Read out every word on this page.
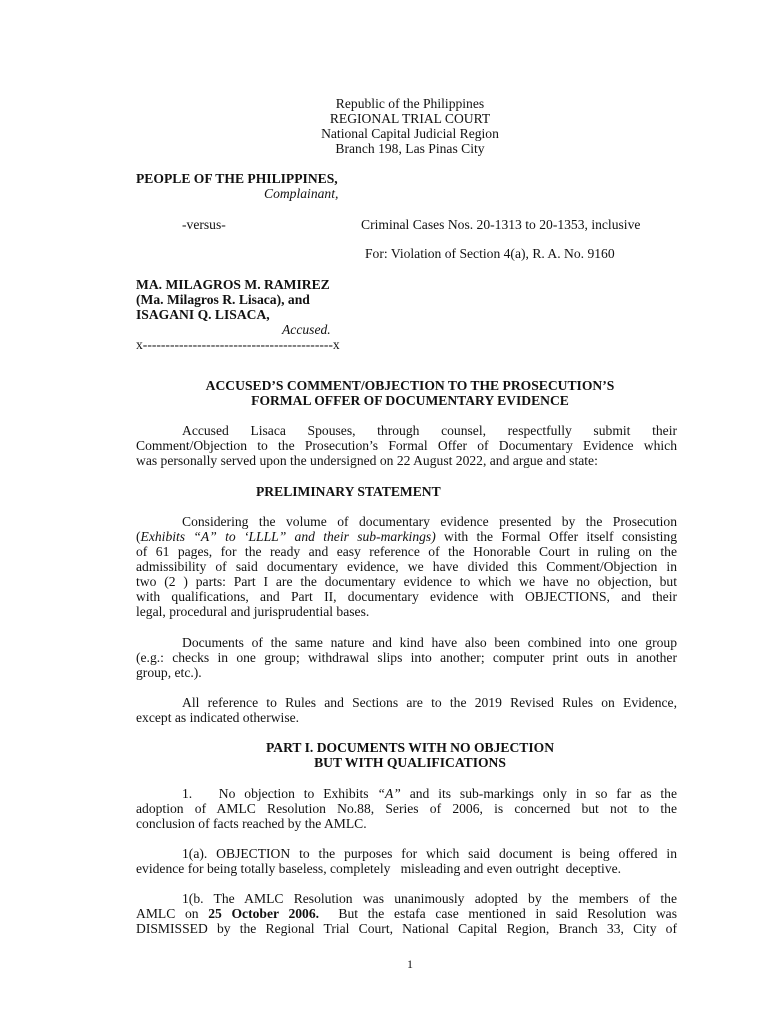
Republic of the Philippines
REGIONAL TRIAL COURT
National Capital Judicial Region
Branch 198, Las Pinas City
PEOPLE OF THE PHILIPPINES,
Complainant,
-versus-	Criminal Cases Nos. 20-1313 to 20-1353, inclusive
For: Violation of Section 4(a), R. A. No. 9160
MA. MILAGROS M. RAMIREZ
(Ma. Milagros R. Lisaca), and
ISAGANI Q. LISACA,
Accused.
x------------------------------------------x
ACCUSED’S COMMENT/OBJECTION TO THE PROSECUTION’S
FORMAL OFFER OF DOCUMENTARY EVIDENCE
Accused Lisaca Spouses, through counsel, respectfully submit their
Comment/Objection to the Prosecution’s Formal Offer of Documentary Evidence which
was personally served upon the undersigned on 22 August 2022, and argue and state:
PRELIMINARY STATEMENT
Considering the volume of documentary evidence presented by the Prosecution
(Exhibits “A” to ‘LLLL” and their sub-markings) with the Formal Offer itself consisting
of 61 pages, for the ready and easy reference of the Honorable Court in ruling on the
admissibility of said documentary evidence, we have divided this Comment/Objection in
two (2 ) parts: Part I are the documentary evidence to which we have no objection, but
with qualifications, and Part II, documentary evidence with OBJECTIONS, and their
legal, procedural and jurisprudential bases.
Documents of the same nature and kind have also been combined into one group
(e.g.: checks in one group; withdrawal slips into another; computer print outs in another
group, etc.).
All reference to Rules and Sections are to the 2019 Revised Rules on Evidence,
except as indicated otherwise.
PART I. DOCUMENTS WITH NO OBJECTION
BUT WITH QUALIFICATIONS
1.   No objection to Exhibits “A” and its sub-markings only in so far as the
adoption of AMLC Resolution No.88, Series of 2006, is concerned but not to the
conclusion of facts reached by the AMLC.
1(a). OBJECTION to the purposes for which said document is being offered in
evidence for being totally baseless, completely   misleading and even outright  deceptive.
1(b. The AMLC Resolution was unanimously adopted by the members of the
AMLC on 25 October 2006.  But the estafa case mentioned in said Resolution was
DISMISSED by the Regional Trial Court, National Capital Region, Branch 33, City of
1
